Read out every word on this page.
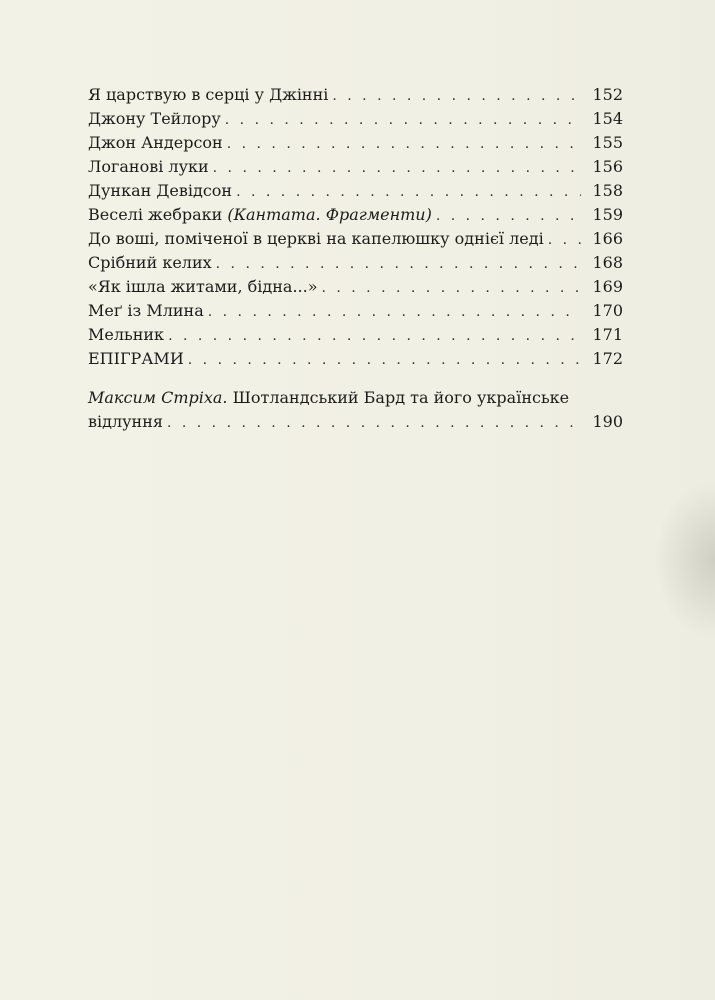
Я царствую в серці у Джінні . . .	152
Джону Тейлору . . .	154
Джон Андерсон . . .	155
Логанові луки . . .	156
Дункан Девідсон . . .	158
Веселі жебраки (Кантата. Фрагменти) . . .	159
До воші, поміченої в церкві на капелюшку однієї леді . . .	166
Срібний келих . . .	168
«Як ішла житами, бідна...» . . .	169
Меґ із Млина . . .	170
Мельник . . .	171
ЕПІГРАМИ . . .	172
Максим Стріха. Шотландський Бард та його українське
відлуння . . .	190
